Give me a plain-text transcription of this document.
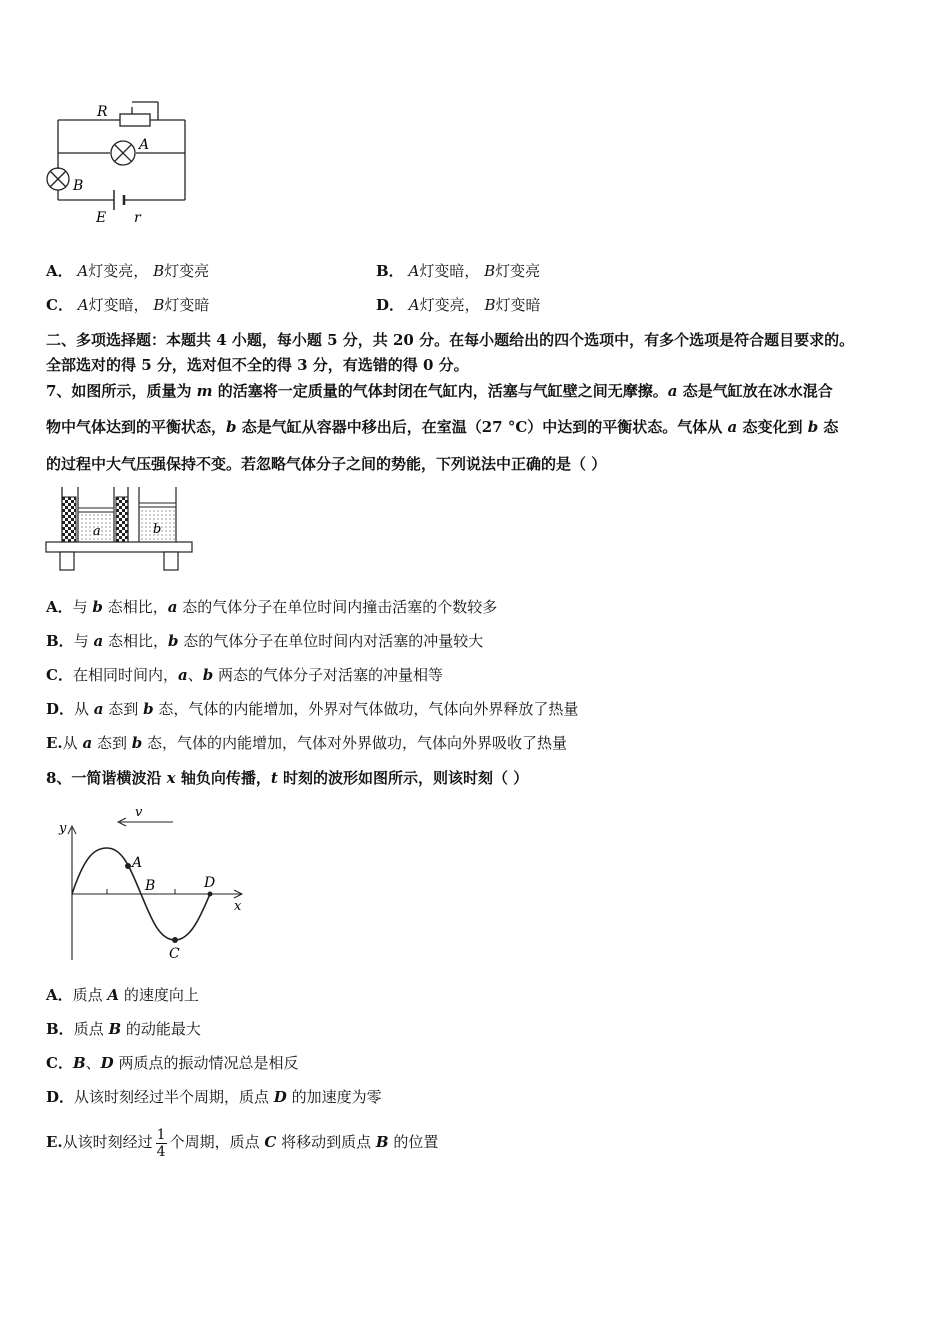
R
A
B
E r
A． A灯变亮， B灯变亮	B． A灯变暗， B灯变亮
C． A灯变暗， B灯变暗	D． A灯变亮， B灯变暗
二、多项选择题：本题共 4 小题，每小题 5 分，共 20 分。在每小题给出的四个选项中，有多个选项是符合题目要求的。
全部选对的得 5 分，选对但不全的得 3 分，有选错的得 0 分。
7、如图所示，质量为 m 的活塞将一定质量的气体封闭在气缸内，活塞与气缸壁之间无摩擦。a 态是气缸放在冰水混合
物中气体达到的平衡状态，b 态是气缸从容器中移出后，在室温（27 °C）中达到的平衡状态。气体从 a 态变化到 b 态
的过程中大气压强保持不变。若忽略气体分子之间的势能，下列说法中正确的是（ ）
a	b
A．与 b 态相比，a 态的气体分子在单位时间内撞击活塞的个数较多
B．与 a 态相比，b 态的气体分子在单位时间内对活塞的冲量较大
C．在相同时间内，a、b 两态的气体分子对活塞的冲量相等
D．从 a 态到 b 态，气体的内能增加，外界对气体做功，气体向外界释放了热量
E.从 a 态到 b 态，气体的内能增加，气体对外界做功，气体向外界吸收了热量
8、一简谐横波沿 x 轴负向传播，t 时刻的波形如图所示，则该时刻（ ）
y
x
v
A
B
C
D
A．质点 A 的速度向上
B．质点 B 的动能最大
C．B、D 两质点的振动情况总是相反
D．从该时刻经过半个周期，质点 D 的加速度为零
E.从该时刻经过 $\frac{1}{4}$ 个周期，质点 C 将移动到质点 B 的位置
